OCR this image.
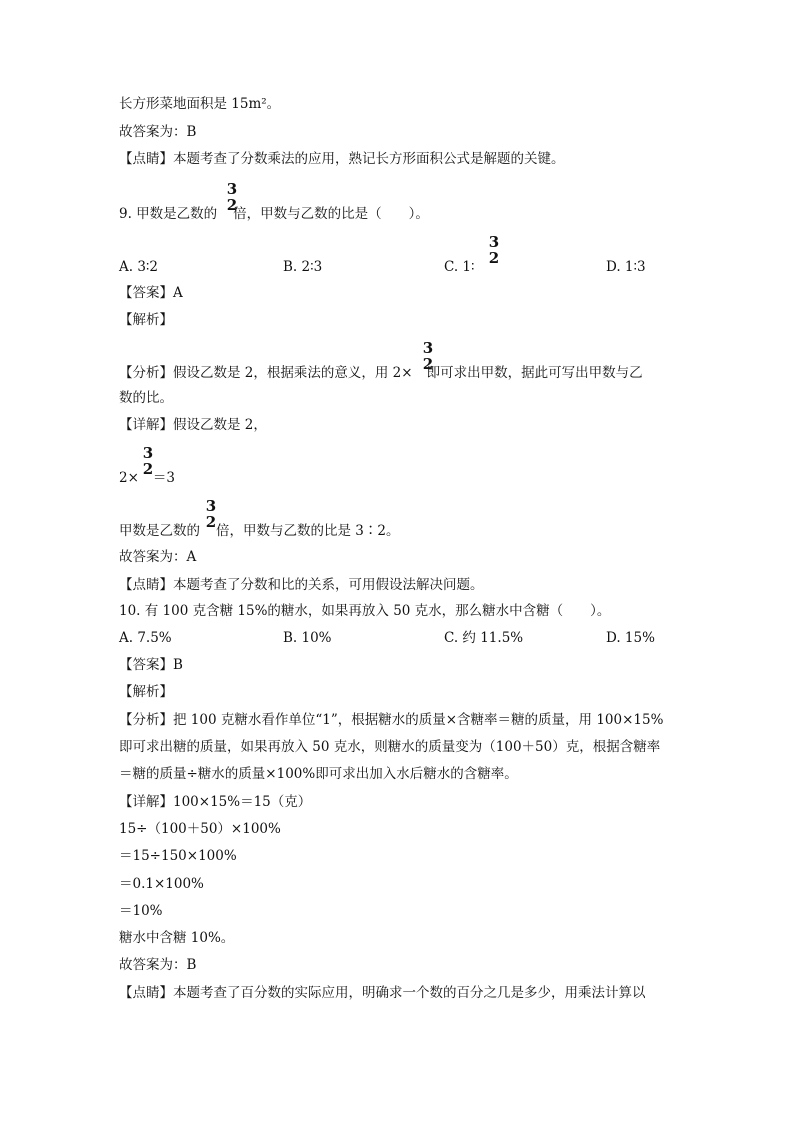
长方形菜地面积是 15m²。
故答案为：B
【点睛】本题考查了分数乘法的应用，熟记长方形面积公式是解题的关键。
9. 甲数是乙数的 倍，甲数与乙数的比是（　　）。
3
2
A. 3∶2	B. 2∶3	C. 1∶
3
2	D. 1∶3
【答案】A
【解析】
【分析】假设乙数是 2，根据乘法的意义，用 2× 即可求出甲数，据此可写出甲数与乙
3
2
数的比。
【详解】假设乙数是 2，
2× ＝3
3
2
甲数是乙数的 倍，甲数与乙数的比是 3∶2。
3
2
故答案为：A
【点睛】本题考查了分数和比的关系，可用假设法解决问题。
10. 有 100 克含糖 15%的糖水，如果再放入 50 克水，那么糖水中含糖（　　）。
A. 7.5%	B. 10%	C. 约 11.5%	D. 15%
【答案】B
【解析】
【分析】把 100 克糖水看作单位“1”，根据糖水的质量×含糖率＝糖的质量，用 100×15%
即可求出糖的质量，如果再放入 50 克水，则糖水的质量变为（100＋50）克，根据含糖率
＝糖的质量÷糖水的质量×100%即可求出加入水后糖水的含糖率。
【详解】100×15%＝15（克）
15÷（100＋50）×100%
＝15÷150×100%
＝0.1×100%
＝10%
糖水中含糖 10%。
故答案为：B
【点睛】本题考查了百分数的实际应用，明确求一个数的百分之几是多少，用乘法计算以
